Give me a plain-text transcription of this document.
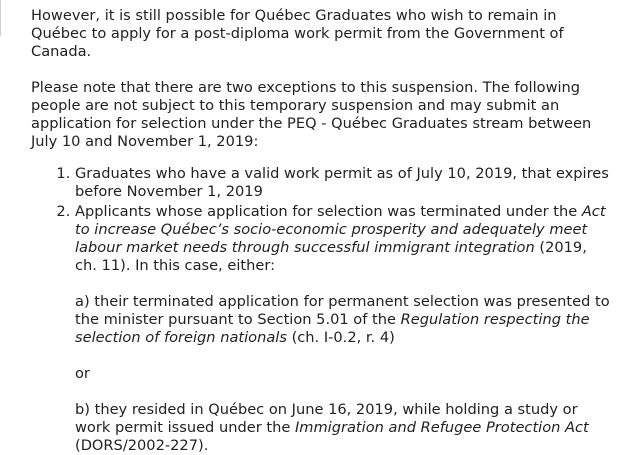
However, it is still possible for Québec Graduates who wish to remain in Québec to apply for a post-diploma work permit from the Government of Canada.

Please note that there are two exceptions to this suspension. The following people are not subject to this temporary suspension and may submit an application for selection under the PEQ - Québec Graduates stream between July 10 and November 1, 2019:

1. Graduates who have a valid work permit as of July 10, 2019, that expires before November 1, 2019
2. Applicants whose application for selection was terminated under the Act to increase Québec’s socio-economic prosperity and adequately meet labour market needs through successful immigrant integration (2019, ch. 11). In this case, either:

a) their terminated application for permanent selection was presented to the minister pursuant to Section 5.01 of the Regulation respecting the selection of foreign nationals (ch. I-0.2, r. 4)

or

b) they resided in Québec on June 16, 2019, while holding a study or work permit issued under the Immigration and Refugee Protection Act (DORS/2002-227).
